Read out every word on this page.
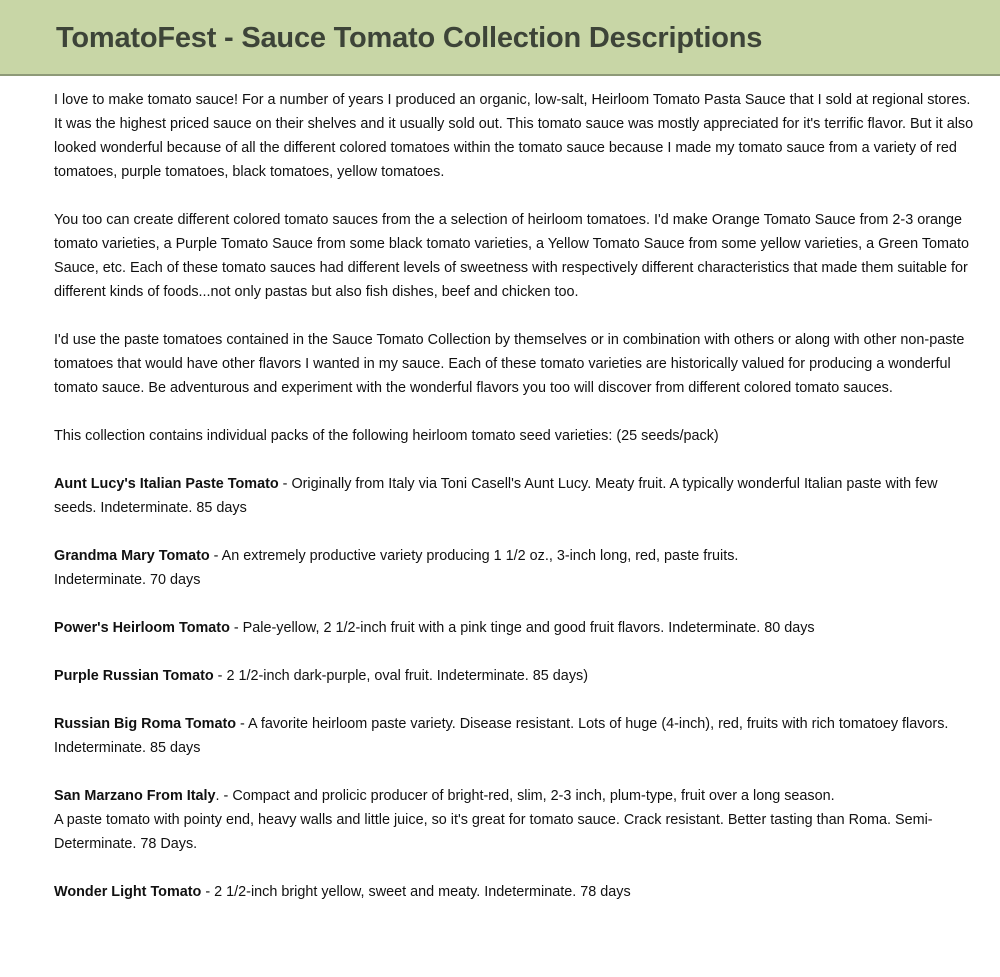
TomatoFest - Sauce Tomato Collection Descriptions

I love to make tomato sauce! For a number of years I produced an organic, low-salt, Heirloom Tomato Pasta Sauce that I sold at regional stores. It was the highest priced sauce on their shelves and it usually sold out. This tomato sauce was mostly appreciated for it's terrific flavor. But it also looked wonderful because of all the different colored tomatoes within the tomato sauce because I made my tomato sauce from a variety of red tomatoes, purple tomatoes, black tomatoes, yellow tomatoes.

You too can create different colored tomato sauces from the a selection of heirloom tomatoes. I'd make Orange Tomato Sauce from 2-3 orange tomato varieties, a Purple Tomato Sauce from some black tomato varieties, a Yellow Tomato Sauce from some yellow varieties, a Green Tomato Sauce, etc. Each of these tomato sauces had different levels of sweetness with respectively different characteristics that made them suitable for different kinds of foods...not only pastas but also fish dishes, beef and chicken too.

I'd use the paste tomatoes contained in the Sauce Tomato Collection by themselves or in combination with others or along with other non-paste tomatoes that would have other flavors I wanted in my sauce. Each of these tomato varieties are historically valued for producing a wonderful tomato sauce. Be adventurous and experiment with the wonderful flavors you too will discover from different colored tomato sauces.

This collection contains individual packs of the following heirloom tomato seed varieties: (25 seeds/pack)

Aunt Lucy's Italian Paste Tomato - Originally from Italy via Toni Casell's Aunt Lucy. Meaty fruit. A typically wonderful Italian paste with few seeds. Indeterminate. 85 days

Grandma Mary Tomato - An extremely productive variety producing 1 1/2 oz., 3-inch long, red, paste fruits.
Indeterminate. 70 days

Power's Heirloom Tomato - Pale-yellow, 2 1/2-inch fruit with a pink tinge and good fruit flavors. Indeterminate. 80 days

Purple Russian Tomato - 2 1/2-inch dark-purple, oval fruit. Indeterminate. 85 days)

Russian Big Roma Tomato - A favorite heirloom paste variety. Disease resistant. Lots of huge (4-inch), red, fruits with rich tomatoey flavors. Indeterminate. 85 days

San Marzano From Italy. - Compact and prolicic producer of bright-red, slim, 2-3 inch, plum-type, fruit over a long season.
A paste tomato with pointy end, heavy walls and little juice, so it's great for tomato sauce. Crack resistant. Better tasting than Roma. Semi-Determinate. 78 Days.

Wonder Light Tomato - 2 1/2-inch bright yellow, sweet and meaty. Indeterminate. 78 days
